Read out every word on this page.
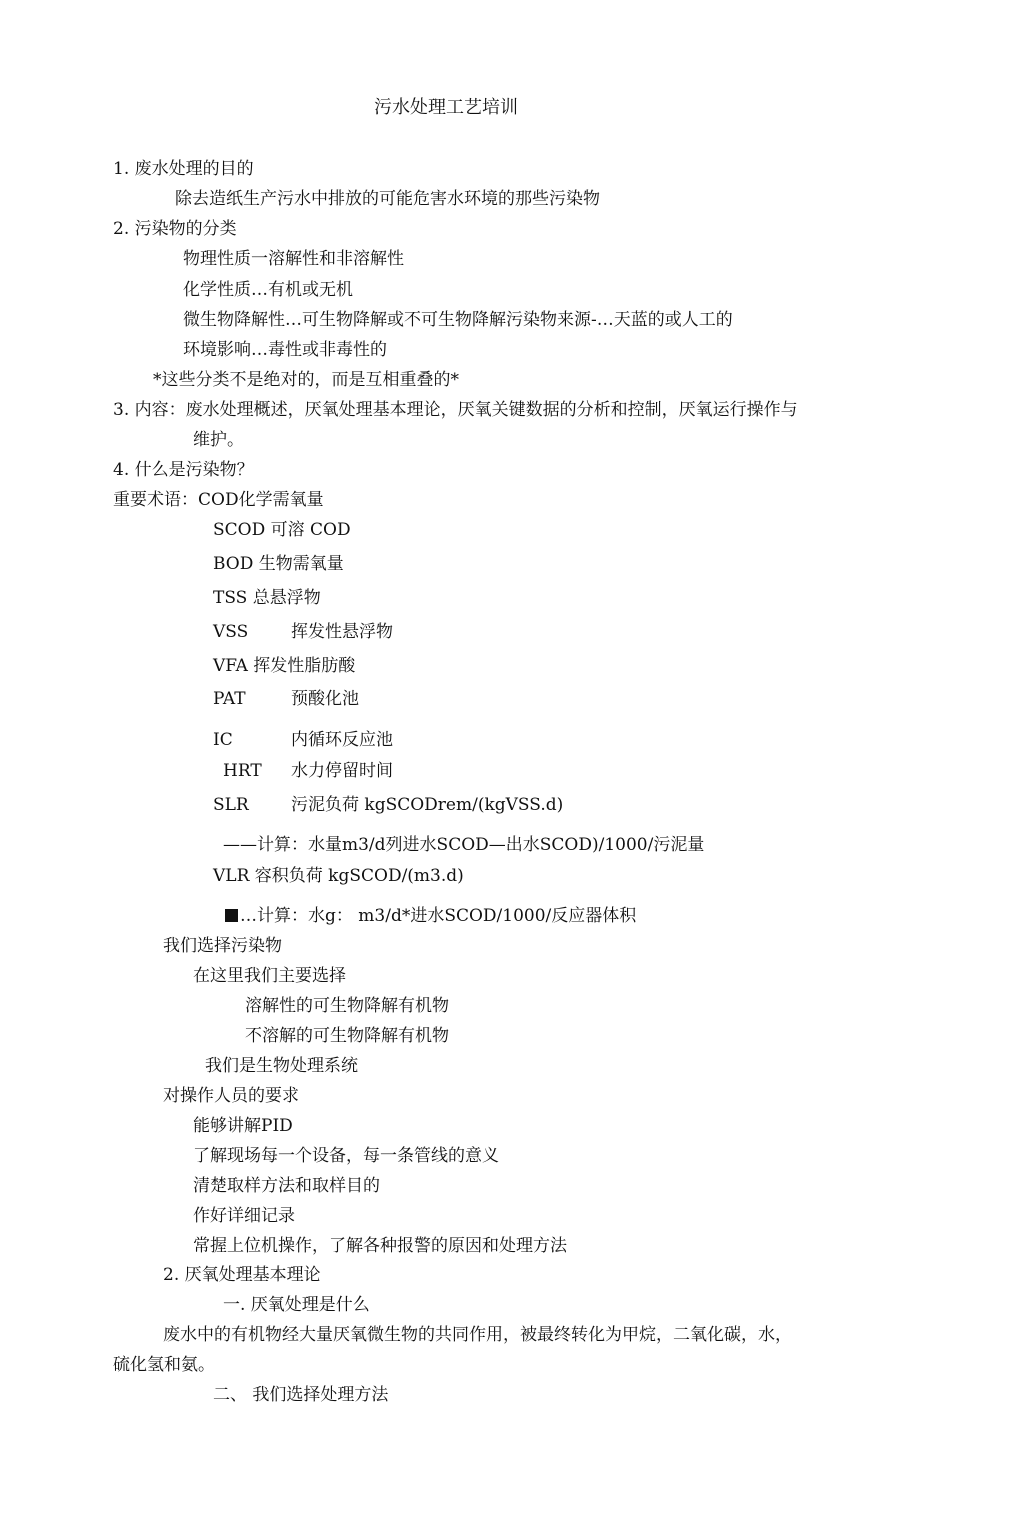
污水处理工艺培训
1. 废水处理的目的
除去造纸生产污水中排放的可能危害水环境的那些污染物
2. 污染物的分类
物理性质一溶解性和非溶解性
化学性质…有机或无机
微生物降解性…可生物降解或不可生物降解污染物来源-…天蓝的或人工的
环境影响…毒性或非毒性的
*这些分类不是绝对的，而是互相重叠的*
3. 内容：废水处理概述，厌氧处理基本理论，厌氧关键数据的分析和控制，厌氧运行操作与
维护。
4. 什么是污染物？
重要术语：COD化学需氧量
SCOD 可溶 COD
BOD 生物需氧量
TSS 总悬浮物
VSS	挥发性悬浮物
VFA 挥发性脂肪酸
PAT	预酸化池
IC	内循环反应池
HRT 水力停留时间
SLR 污泥负荷 kgSCODrem/(kgVSS.d)
——计算：水量m3/d列进水SCOD—出水SCOD)/1000/污泥量
VLR 容积负荷 kgSCOD/(m3.d)
…计算：水g： m3/d*进水SCOD/1000/反应器体积
我们选择污染物
在这里我们主要选择
溶解性的可生物降解有机物
不溶解的可生物降解有机物
我们是生物处理系统
对操作人员的要求
能够讲解PID
了解现场每一个设备，每一条管线的意义
清楚取样方法和取样目的
作好详细记录
常握上位机操作，了解各种报警的原因和处理方法
2. 厌氧处理基本理论
一. 厌氧处理是什么
废水中的有机物经大量厌氧微生物的共同作用，被最终转化为甲烷，二氧化碳，水，
硫化氢和氨。
二、 我们选择处理方法
